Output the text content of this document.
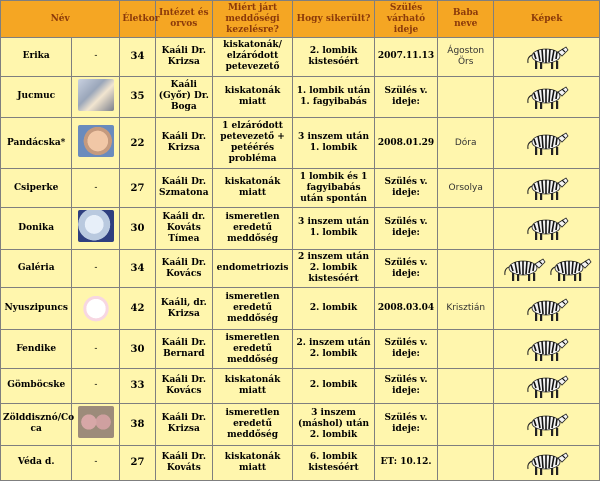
Név		Életkor	Intézet és orvos	Miért járt meddőségi kezelésre?	Hogy sikerült?	Szülés várható ideje	Baba neve	Képek
Erika	-	34	Kaáli Dr. Krizsa	kiskatonák/ elzáródott petevezető	2. lombik kistesóért	2007.11.13	Ágoston Örs	
Jucmuc		35	Kaáli (Győr) Dr. Boga	kiskatonák miatt	1. lombik után 1. fagyibabás	Szülés v. ideje:		
Pandácska*		22	Kaáli Dr. Krizsa	1 elzáródott petevezető + petéérés probléma	3 inszem után 1. lombik	2008.01.29	Dóra	
Csiperke	-	27	Kaáli Dr. Szmatona	kiskatonák miatt	1 lombik és 1 fagyibabás után spontán	Szülés v. ideje:	Orsolya	
Donika		30	Kaáli dr. Kováts Tímea	ismeretlen eredetű meddőség	3 inszem után 1. lombik	Szülés v. ideje:		
Galéria	-	34	Kaáli Dr. Kovács	endometriozis	2 inszem után 2. lombik kistesóért	Szülés v. ideje:		
Nyuszipuncs		42	Kaáli, dr. Krizsa	ismeretlen eredetű meddőség	2. lombik	2008.03.04	Krisztián	
Fendike	-	30	Kaáli Dr. Bernard	ismeretlen eredetű meddőség	2. inszem után 2. lombik	Szülés v. ideje:		
Gömböcske	-	33	Kaáli Dr. Kovács	kiskatonák miatt	2. lombik	Szülés v. ideje:		
Zölddisznó/Co ca		38	Kaáli Dr. Krizsa	ismeretlen eredetű meddőség	3 inszem (máshol) után 2. lombik	Szülés v. ideje:		
Véda d.	-	27	Kaáli Dr. Kováts	kiskatonák miatt	6. lombik kistesóért	ET: 10.12.		
